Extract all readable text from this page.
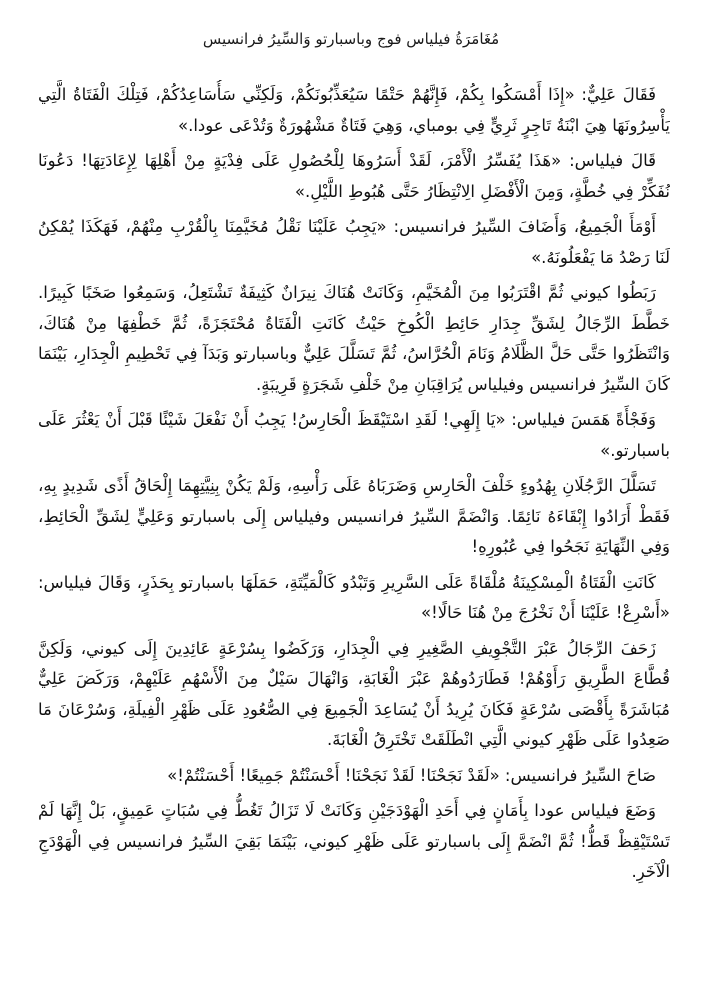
مُغَامَرَةُ فيلياس فوج وباسبارتو وَالسِّيرُ فرانسيس

فَقَالَ عَلِيٌّ: «إِذَا أَمْسَكُوا بِكُمْ، فَإِنَّهُمْ حَتْمًا سَيُعَذِّبُونَكُمْ، وَلَكِنِّي سَأُسَاعِدُكُمْ، فَتِلْكَ الْفَتَاةُ الَّتِي يَأْسِرُونَهَا هِيَ ابْنَةُ تَاجِرٍ ثَرِيٍّ فِي بومباي، وَهِيَ فَتَاةٌ مَشْهُورَةٌ وَتُدْعَى عودا.»

قَالَ فيلياس: «هَذَا يُفَسِّرُ الْأَمْرَ، لَقَدْ أَسَرُوهَا لِلْحُصُولِ عَلَى فِدْيَةٍ مِنْ أَهْلِهَا لِإِعَادَتِهَا! دَعُونَا نُفَكِّرْ فِي خُطَّةٍ، وَمِنَ الْأَفْضَلِ الِانْتِظَارُ حَتَّى هُبُوطِ اللَّيْلِ.»

أَوْمَأَ الْجَمِيعُ، وَأَضَافَ السِّيرُ فرانسيس: «يَجِبُ عَلَيْنَا نَقْلُ مُخَيَّمِنَا بِالْقُرْبِ مِنْهُمْ، فَهَكَذَا يُمْكِنُ لَنَا رَصْدُ مَا يَفْعَلُونَهُ.»

رَبَطُوا كيوني ثُمَّ اقْتَرَبُوا مِنَ الْمُخَيَّمِ، وَكَانَتْ هُنَاكَ نِيرَانٌ كَثِيفَةٌ تَشْتَعِلُ، وَسَمِعُوا صَخَبًا كَبِيرًا. خَطَّطَ الرِّجَالُ لِشَقِّ جِدَارِ حَائِطِ الْكُوخِ حَيْثُ كَانَتِ الْفَتَاةُ مُحْتَجَزَةً، ثُمَّ خَطْفِهَا مِنْ هُنَاكَ، وَانْتَظَرُوا حَتَّى حَلَّ الظَّلَامُ وَنَامَ الْحُرَّاسُ، ثُمَّ تَسَلَّلَ عَلِيٌّ وباسبارتو وَبَدَآ فِي تَحْطِيمِ الْجِدَارِ، بَيْنَمَا كَانَ السِّيرُ فرانسيس وفيلياس يُرَاقِبَانِ مِنْ خَلْفِ شَجَرَةٍ قَرِيبَةٍ.

وَفَجْأَةً هَمَسَ فيلياس: «يَا إِلَهِي! لَقَدِ اسْتَيْقَظَ الْحَارِسُ! يَجِبُ أَنْ نَفْعَلَ شَيْئًا قَبْلَ أَنْ يَعْثُرَ عَلَى باسبارتو.»

تَسَلَّلَ الرَّجُلَانِ بِهُدُوءٍ خَلْفَ الْحَارِسِ وَضَرَبَاهُ عَلَى رَأْسِهِ، وَلَمْ يَكُنْ بِنِيَّتِهِمَا إِلْحَاقُ أَذًى شَدِيدٍ بِهِ، فَقَطْ أَرَادُوا إِبْقَاءَهُ نَائِمًا. وَانْضَمَّ السِّيرُ فرانسيس وفيلياس إِلَى باسبارتو وَعَلِيٍّ لِشَقِّ الْحَائِطِ، وَفِي النِّهَايَةِ نَجَحُوا فِي عُبُورِهِ!

كَانَتِ الْفَتَاةُ الْمِسْكِينَةُ مُلْقَاةً عَلَى السَّرِيرِ وَتَبْدُو كَالْمَيِّتَةِ، حَمَلَهَا باسبارتو بِحَذَرٍ، وَقَالَ فيلياس: «أَسْرِعْ! عَلَيْنَا أَنْ نَخْرُجَ مِنْ هُنَا حَالًا!»

زَحَفَ الرِّجَالُ عَبْرَ التَّجْوِيفِ الصَّغِيرِ فِي الْجِدَارِ، وَرَكَضُوا بِسُرْعَةٍ عَائِدِينَ إِلَى كيوني، وَلَكِنَّ قُطَّاعَ الطَّرِيقِ رَأَوْهُمْ! فَطَارَدُوهُمْ عَبْرَ الْغَابَةِ، وَانْهَالَ سَيْلٌ مِنَ الْأَسْهُمِ عَلَيْهِمْ، وَرَكَضَ عَلِيٌّ مُبَاشَرَةً بِأَقْصَى سُرْعَةٍ فَكَانَ يُرِيدُ أَنْ يُسَاعِدَ الْجَمِيعَ فِي الصُّعُودِ عَلَى ظَهْرِ الْفِيلَةِ، وَسُرْعَانَ مَا صَعِدُوا عَلَى ظَهْرِ كيوني الَّتِي انْطَلَقَتْ تَخْتَرِقُ الْغَابَةَ.

صَاحَ السِّيرُ فرانسيس: «لَقَدْ نَجَحْنَا! لَقَدْ نَجَحْنَا! أَحْسَنْتُمْ جَمِيعًا! أَحْسَنْتُمْ!»

وَضَعَ فيلياس عودا بِأَمَانٍ فِي أَحَدِ الْهَوْدَجَيْنِ وَكَانَتْ لَا تَزَالُ تَغُطُّ فِي سُبَاتٍ عَمِيقٍ، بَلْ إِنَّهَا لَمْ تَسْتَيْقِظْ قَطُّ! ثُمَّ انْضَمَّ إِلَى باسبارتو عَلَى ظَهْرِ كيوني، بَيْنَمَا بَقِيَ السِّيرُ فرانسيس فِي الْهَوْدَجِ الْآخَرِ.
